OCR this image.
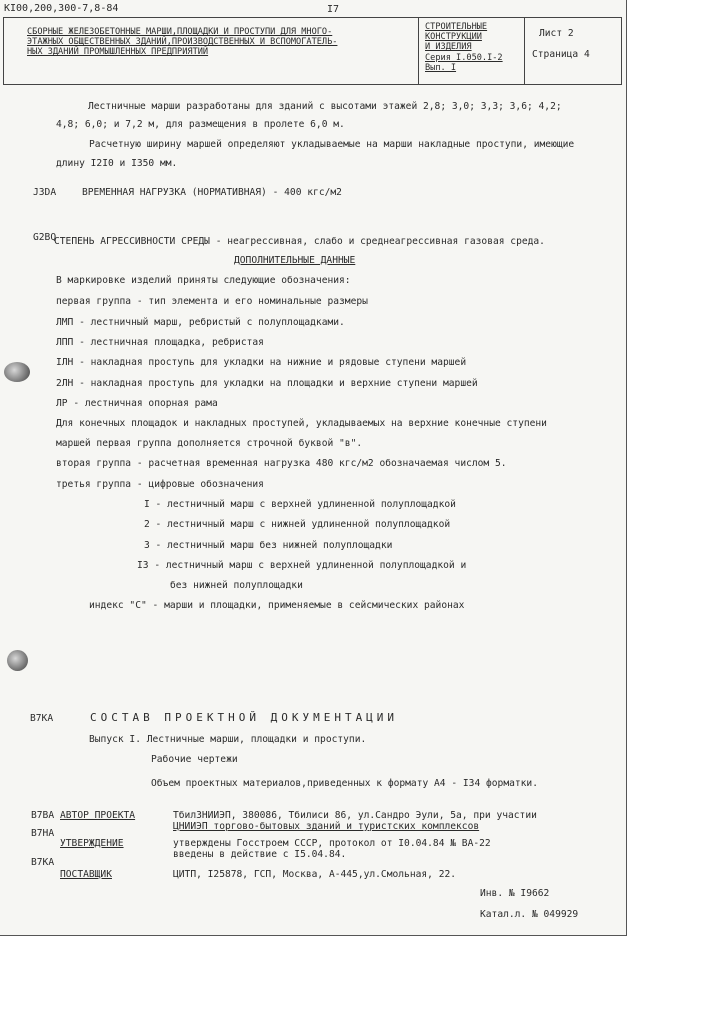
КI00,200,300-7,8-84	I7
СБОРНЫЕ ЖЕЛЕЗОБЕТОННЫЕ МАРШИ,ПЛОЩАДКИ И ПРОСТУПИ ДЛЯ МНОГО-
ЭТАЖНЫХ ОБЩЕСТВЕННЫХ ЗДАНИЙ,ПРОИЗВОДСТВЕННЫХ И ВСПОМОГАТЕЛЬ-
НЫХ ЗДАНИЙ ПРОМЫШЛЕННЫХ ПРЕДПРИЯТИЙ
СТРОИТЕЛЬНЫЕ
КОНСТРУКЦИИ
И ИЗДЕЛИЯ
Серия I.050.I-2
Вып. I
Лист 2
Страница 4
Лестничные марши разработаны для зданий с высотами этажей 2,8; 3,0; 3,3; 3,6; 4,2;
4,8; 6,0; и 7,2 м, для размещения в пролете 6,0 м.
Расчетную ширину маршей определяют укладываемые на марши накладные проступи, имеющие
длину I2I0 и I350 мм.
J3DA	ВРЕМЕННАЯ НАГРУЗКА (НОРМАТИВНАЯ) - 400 кгс/м2
G2BQ
СТЕПЕНЬ АГРЕССИВНОСТИ СРЕДЫ - неагрессивная, слабо и среднеагрессивная газовая среда.
ДОПОЛНИТЕЛЬНЫЕ ДАННЫЕ
В маркировке изделий приняты следующие обозначения:
первая группа - тип элемента и его номинальные размеры
ЛМП - лестничный марш, ребристый с полуплощадками.
ЛПП - лестничная площадка, ребристая
ІЛН - накладная проступь для укладки на нижние и рядовые ступени маршей
2ЛН - накладная проступь для укладки на площадки и верхние ступени маршей
ЛР - лестничная опорная рама
Для конечных площадок и накладных проступей, укладываемых на верхние конечные ступени
маршей первая группа дополняется строчной буквой "в".
вторая группа - расчетная временная нагрузка 480 кгс/м2 обозначаемая числом 5.
третья группа - цифровые обозначения
I - лестничный марш с верхней удлиненной полуплощадкой
2 - лестничный марш с нижней удлиненной полуплощадкой
3 - лестничный марш без нижней полуплощадки
I3 - лестничный марш с верхней удлиненной полуплощадкой и
без нижней полуплощадки
индекс "С" - марши и площадки, применяемые в сейсмических районах
В7КА	СОСТАВ ПРОЕКТНОЙ ДОКУМЕНТАЦИИ
Выпуск I. Лестничные марши, площадки и проступи.
Рабочие чертежи
Объем проектных материалов,приведенных к формату А4 - I34 форматки.
В7ВА АВТОР ПРОЕКТА	ТбилЗНИИЭП, 380086, Тбилиси 86, ул.Сандро Эули, 5а, при участии
ЦНИИЭП торгово-бытовых зданий и туристских комплексов
В7НА
УТВЕРЖДЕНИЕ	утверждены Госстроем СССР, протокол от I0.04.84 № ВА-22
введены в действие с I5.04.84.
В7КА
ПОСТАВЩИК	ЦИТП, I25878, ГСП, Москва, А-445,ул.Смольная, 22.
Инв. № I9662
Катал.л. № 049929
